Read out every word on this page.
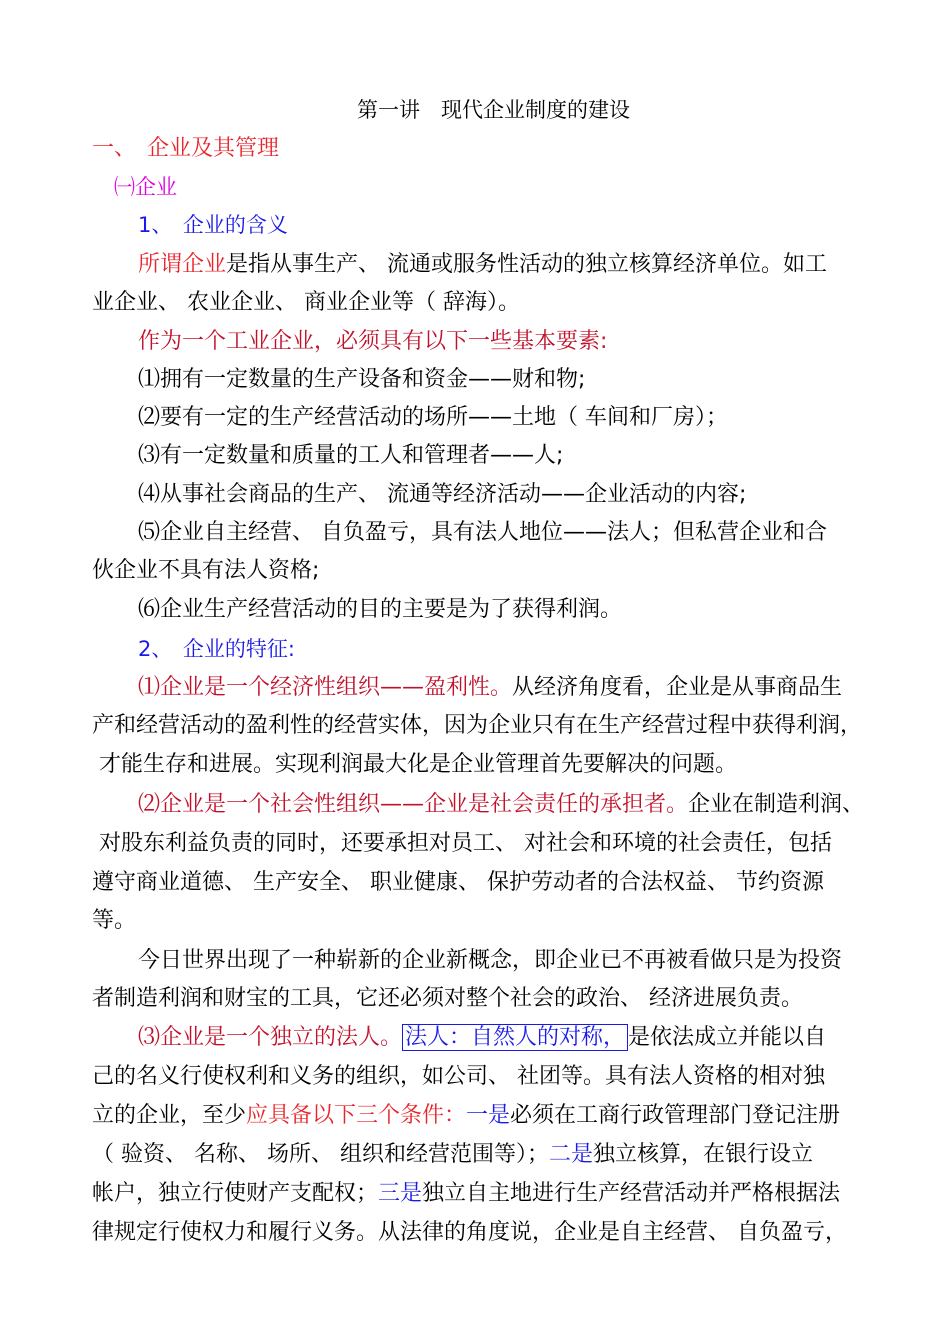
第一讲　现代企业制度的建设
一、　企业及其管理
㈠企业
1、　企业的含义
所谓企业是指从事生产、 流通或服务性活动的独立核算经济单位。如工
业企业、 农业企业、 商业企业等（ 辞海）。
作为一个工业企业，必须具有以下一些基本要素:
⑴拥有一定数量的生产设备和资金——财和物;
⑵要有一定的生产经营活动的场所——土地（ 车间和厂房）；
⑶有一定数量和质量的工人和管理者——人;
⑷从事社会商品的生产、 流通等经济活动——企业活动的内容;
⑸企业自主经营、 自负盈亏，具有法人地位——法人；但私营企业和合
伙企业不具有法人资格;
⑹企业生产经营活动的目的主要是为了获得利润。
2、　企业的特征:
⑴企业是一个经济性组织——盈利性。从经济角度看，企业是从事商品生
产和经营活动的盈利性的经营实体，因为企业只有在生产经营过程中获得利润，
才能生存和进展。实现利润最大化是企业管理首先要解决的问题。
⑵企业是一个社会性组织——企业是社会责任的承担者。企业在制造利润、
对股东利益负责的同时，还要承担对员工、 对社会和环境的社会责任，包括
遵守商业道德、 生产安全、 职业健康、 保护劳动者的合法权益、 节约资源
等。
今日世界出现了一种崭新的企业新概念，即企业已不再被看做只是为投资
者制造利润和财宝的工具，它还必须对整个社会的政治、 经济进展负责。
⑶企业是一个独立的法人。 法人：自然人的对称， 是依法成立并能以自
己的名义行使权利和义务的组织，如公司、 社团等。具有法人资格的相对独
立的企业，至少应具备以下三个条件：一是必须在工商行政管理部门登记注册
（ 验资、 名称、 场所、 组织和经营范围等）；二是独立核算，在银行设立
帐户，独立行使财产支配权；三是独立自主地进行生产经营活动并严格根据法
律规定行使权力和履行义务。从法律的角度说，企业是自主经营、 自负盈亏，
